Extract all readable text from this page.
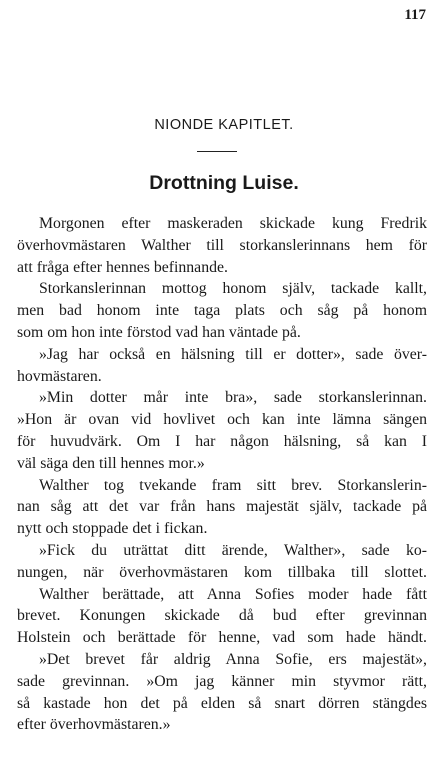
117
NIONDE KAPITLET.
Drottning Luise.
Morgonen efter maskeraden skickade kung Fredrik
överhovmästaren Walther till storkanslerinnans hem för
att fråga efter hennes befinnande.
Storkanslerinnan mottog honom själv, tackade kallt,
men bad honom inte taga plats och såg på honom
som om hon inte förstod vad han väntade på.
»Jag har också en hälsning till er dotter», sade över-
hovmästaren.
»Min dotter mår inte bra», sade storkanslerinnan.
»Hon är ovan vid hovlivet och kan inte lämna sängen
för huvudvärk. Om I har någon hälsning, så kan I
väl säga den till hennes mor.»
Walther tog tvekande fram sitt brev. Storkanslerin-
nan såg att det var från hans majestät själv, tackade på
nytt och stoppade det i fickan.
»Fick du uträttat ditt ärende, Walther», sade ko-
nungen, när överhovmästaren kom tillbaka till slottet.
Walther berättade, att Anna Sofies moder hade fått
brevet. Konungen skickade då bud efter grevinnan
Holstein och berättade för henne, vad som hade händt.
»Det brevet får aldrig Anna Sofie, ers majestät»,
sade grevinnan. »Om jag känner min styvmor rätt,
så kastade hon det på elden så snart dörren stängdes
efter överhovmästaren.»
